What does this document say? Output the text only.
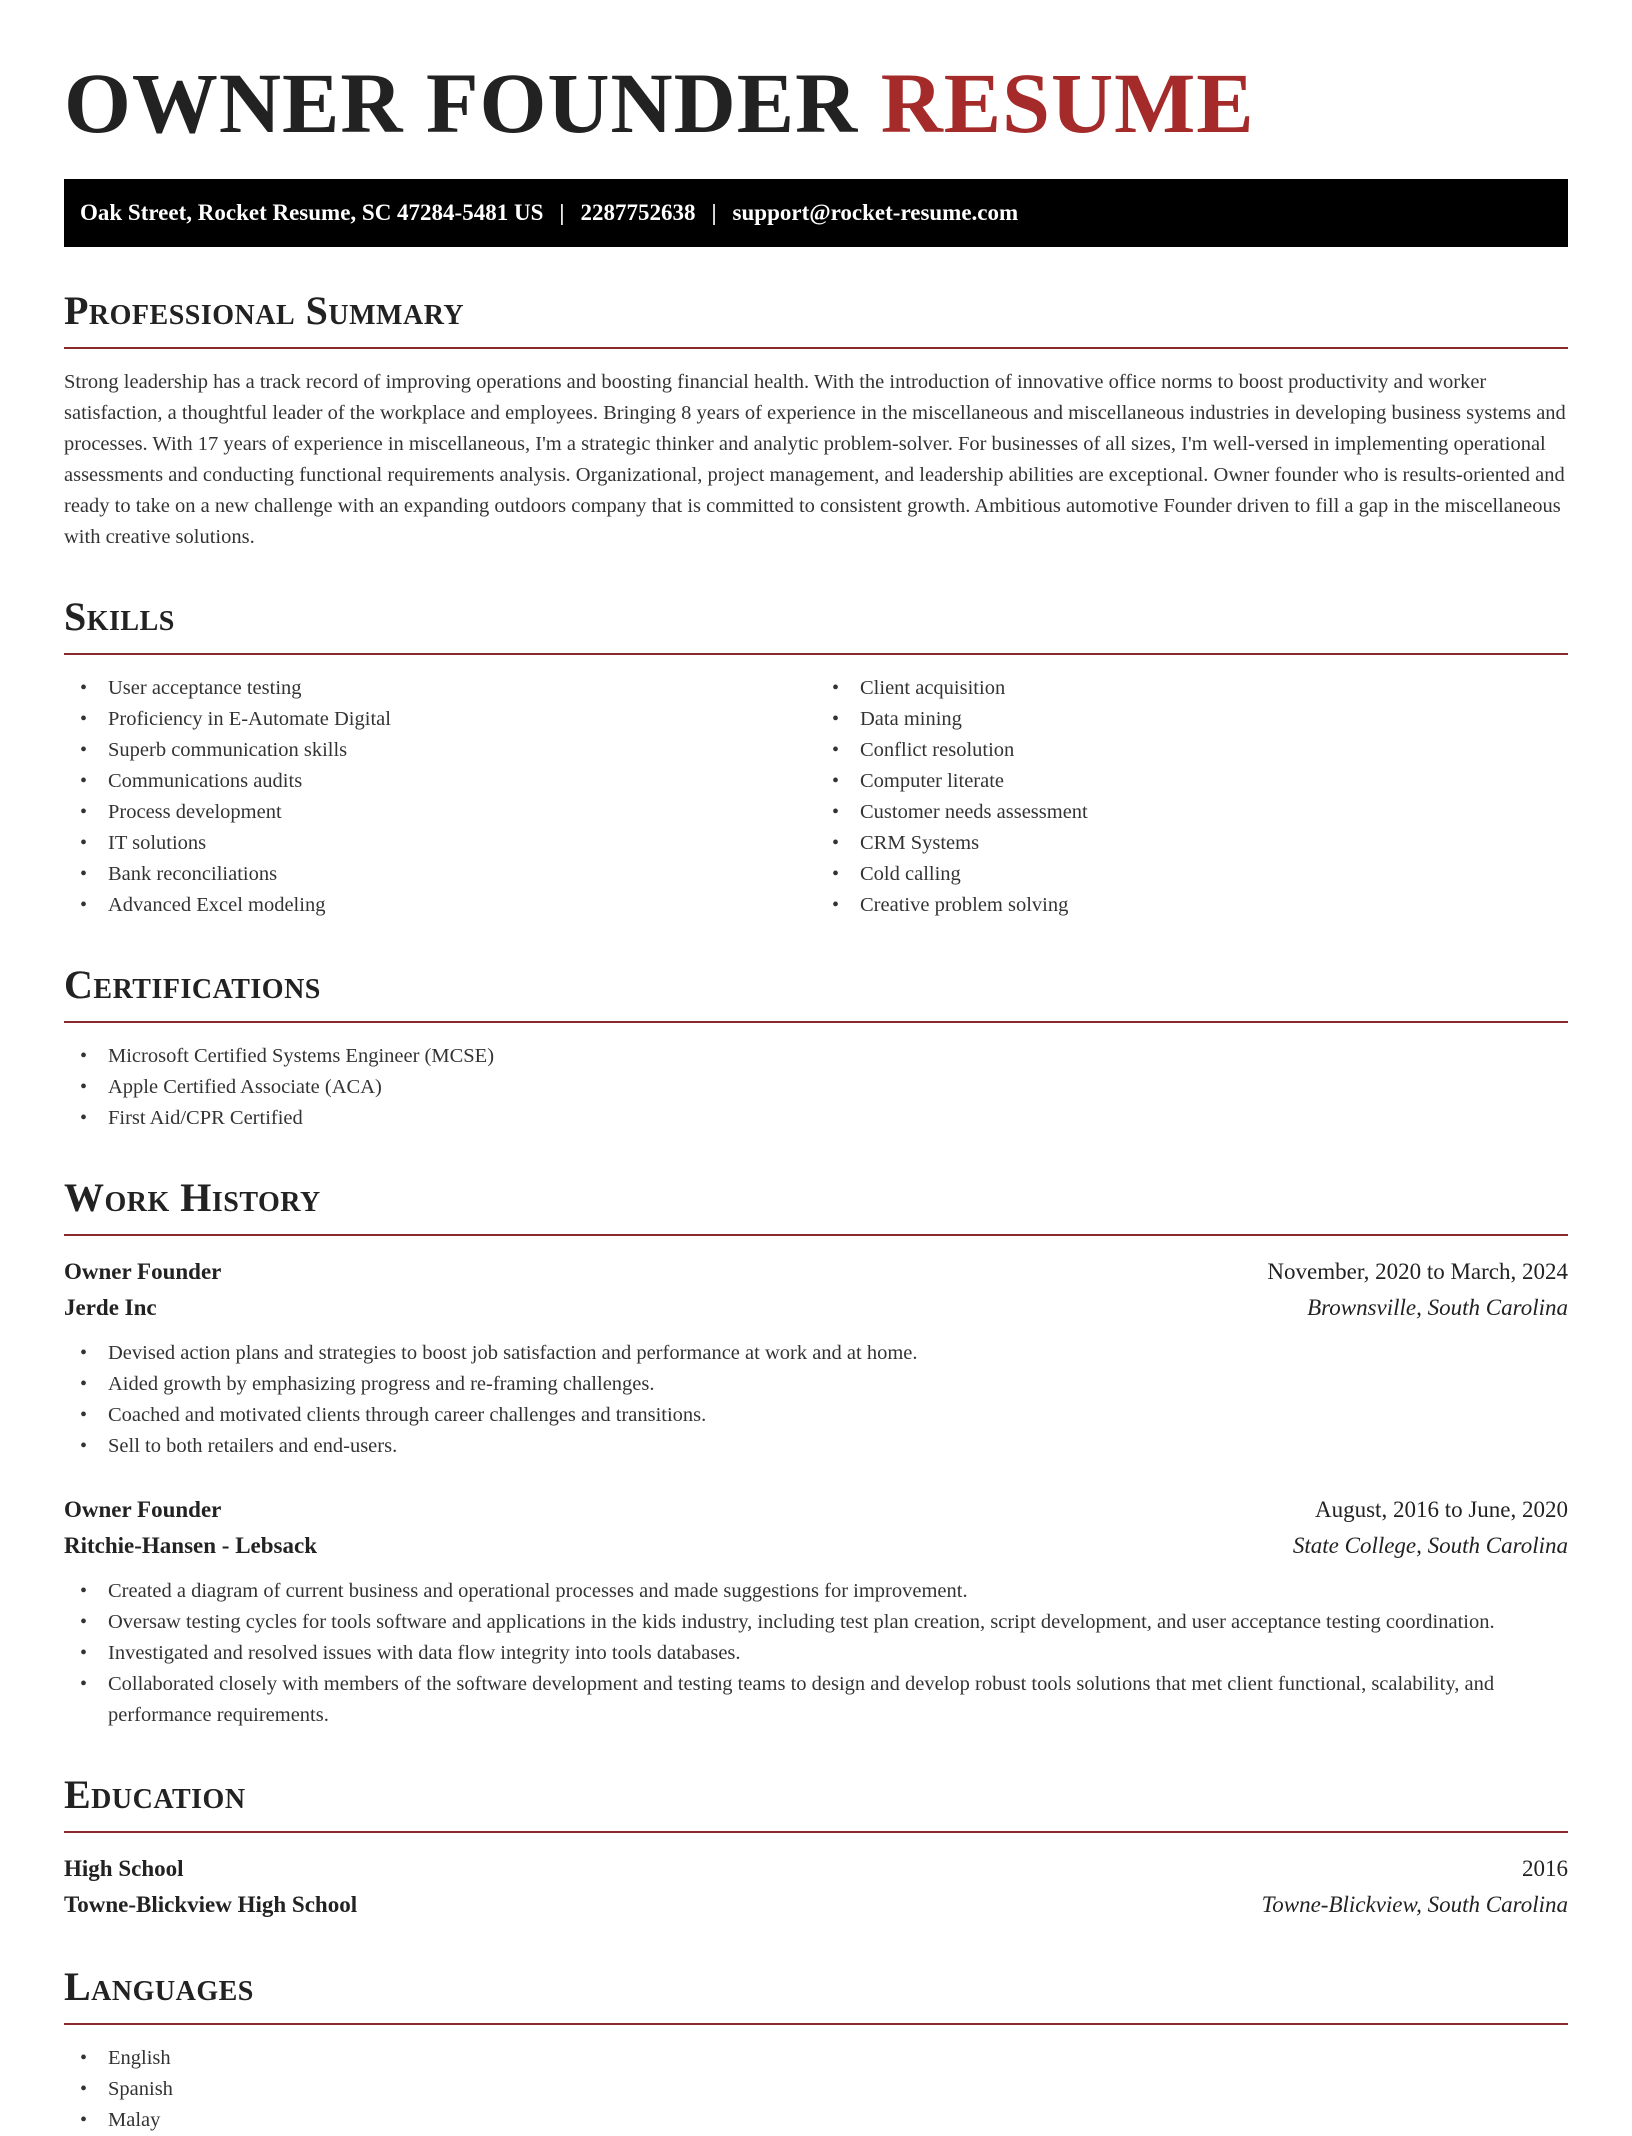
OWNER FOUNDER RESUME
Oak Street, Rocket Resume, SC 47284-5481 US | 2287752638 | support@rocket-resume.com
Professional Summary

Strong leadership has a track record of improving operations and boosting financial health. With the introduction of innovative office norms to boost productivity and worker satisfaction, a thoughtful leader of the workplace and employees. Bringing 8 years of experience in the miscellaneous and miscellaneous industries in developing business systems and processes. With 17 years of experience in miscellaneous, I'm a strategic thinker and analytic problem-solver. For businesses of all sizes, I'm well-versed in implementing operational assessments and conducting functional requirements analysis. Organizational, project management, and leadership abilities are exceptional. Owner founder who is results-oriented and ready to take on a new challenge with an expanding outdoors company that is committed to consistent growth. Ambitious automotive Founder driven to fill a gap in the miscellaneous with creative solutions.

Skills
• User acceptance testing
• Proficiency in E-Automate Digital
• Superb communication skills
• Communications audits
• Process development
• IT solutions
• Bank reconciliations
• Advanced Excel modeling
• Client acquisition
• Data mining
• Conflict resolution
• Computer literate
• Customer needs assessment
• CRM Systems
• Cold calling
• Creative problem solving
Certifications
• Microsoft Certified Systems Engineer (MCSE)
• Apple Certified Associate (ACA)
• First Aid/CPR Certified
Work History
Owner Founder	November, 2020 to March, 2024
Jerde Inc	Brownsville, South Carolina
• Devised action plans and strategies to boost job satisfaction and performance at work and at home.
• Aided growth by emphasizing progress and re-framing challenges.
• Coached and motivated clients through career challenges and transitions.
• Sell to both retailers and end-users.
Owner Founder	August, 2016 to June, 2020
Ritchie-Hansen - Lebsack	State College, South Carolina
• Created a diagram of current business and operational processes and made suggestions for improvement.
• Oversaw testing cycles for tools software and applications in the kids industry, including test plan creation, script development, and user acceptance testing coordination.
• Investigated and resolved issues with data flow integrity into tools databases.
• Collaborated closely with members of the software development and testing teams to design and develop robust tools solutions that met client functional, scalability, and performance requirements.
Education
High School	2016
Towne-Blickview High School	Towne-Blickview, South Carolina
Languages
• English
• Spanish
• Malay
